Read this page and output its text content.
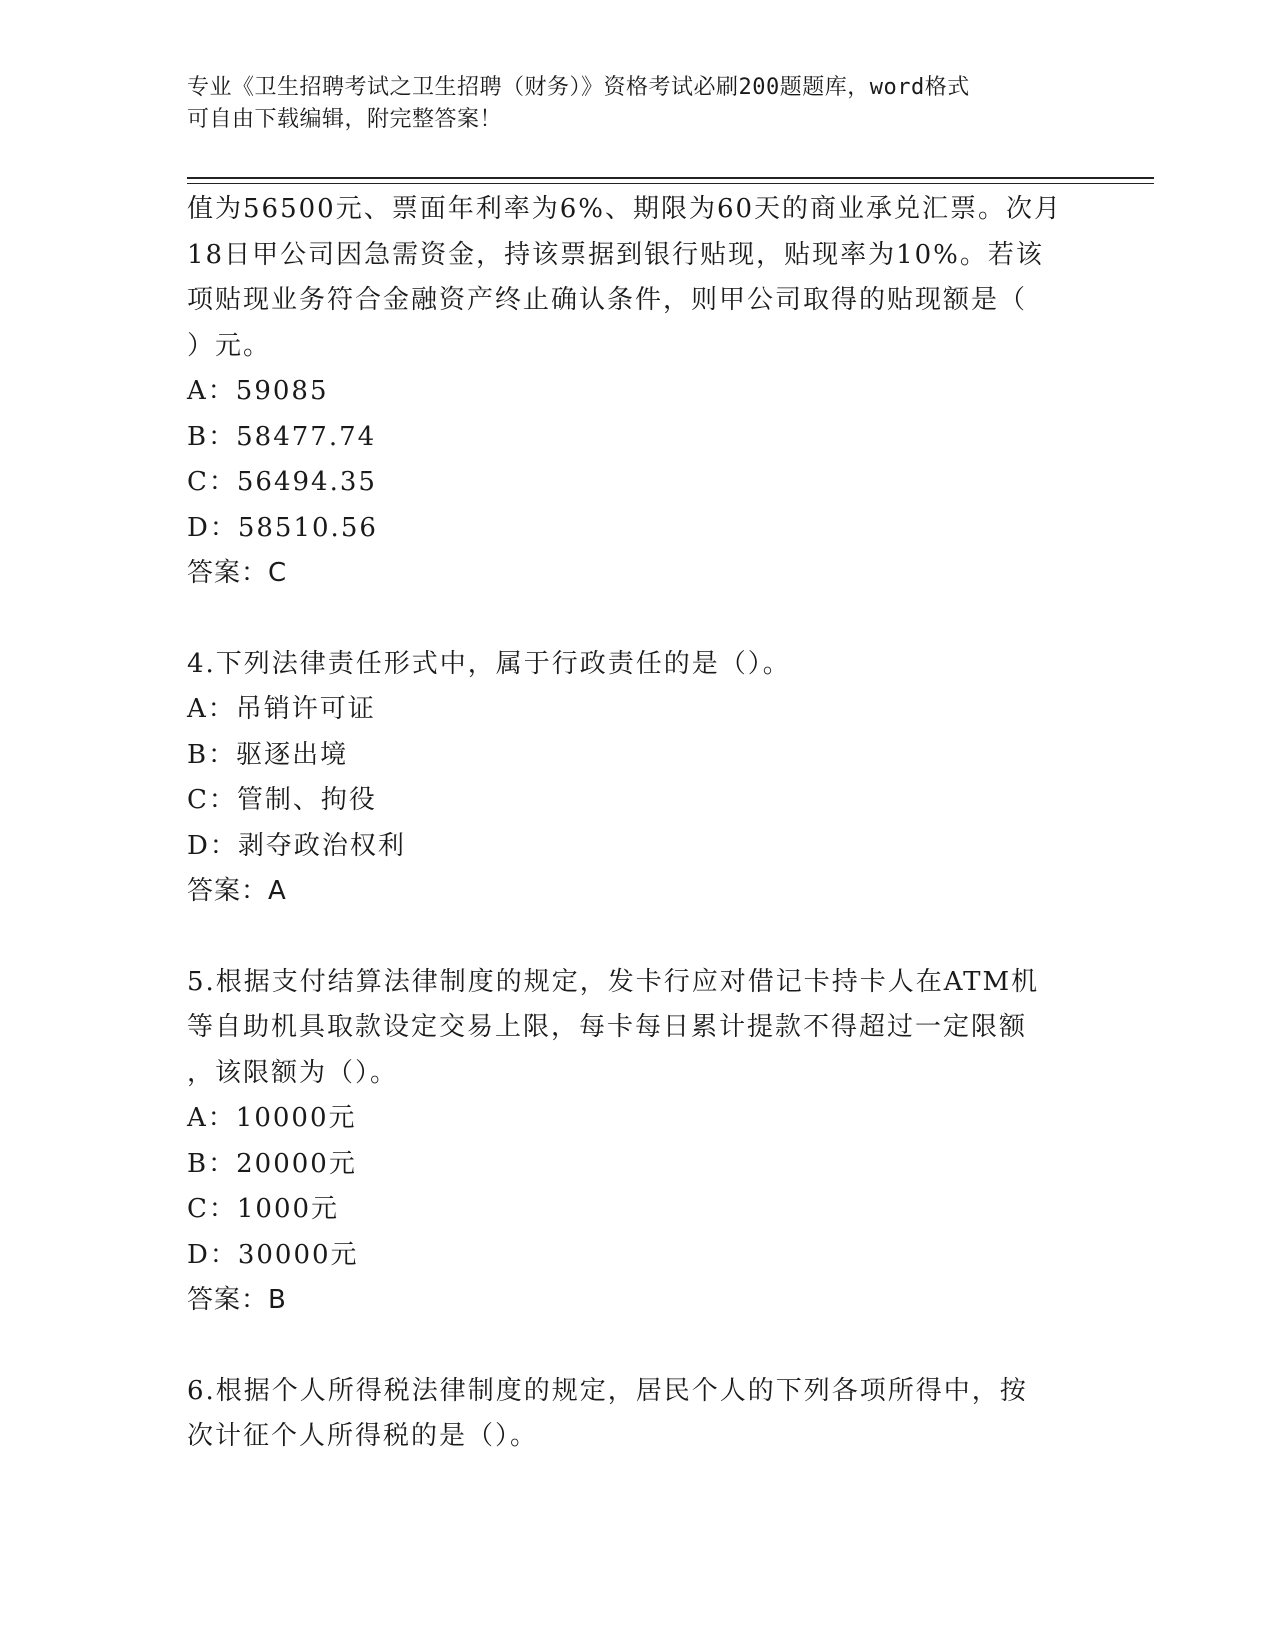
专业《卫生招聘考试之卫生招聘（财务）》资格考试必刷200题题库，word格式

可自由下载编辑，附完整答案！

值为56500元、票面年利率为6%、期限为60天的商业承兑汇票。次月
18日甲公司因急需资金，持该票据到银行贴现，贴现率为10%。若该
项贴现业务符合金融资产终止确认条件，则甲公司取得的贴现额是（
）元。
A：59085
B：58477.74
C：56494.35
D：58510.56
答案：C
4.下列法律责任形式中，属于行政责任的是（）。
A：吊销许可证
B：驱逐出境
C：管制、拘役
D：剥夺政治权利
答案：A
5.根据支付结算法律制度的规定，发卡行应对借记卡持卡人在ATM机
等自助机具取款设定交易上限，每卡每日累计提款不得超过一定限额
，该限额为（）。
A：10000元
B：20000元
C：1000元
D：30000元
答案：B
6.根据个人所得税法律制度的规定，居民个人的下列各项所得中，按
次计征个人所得税的是（）。
